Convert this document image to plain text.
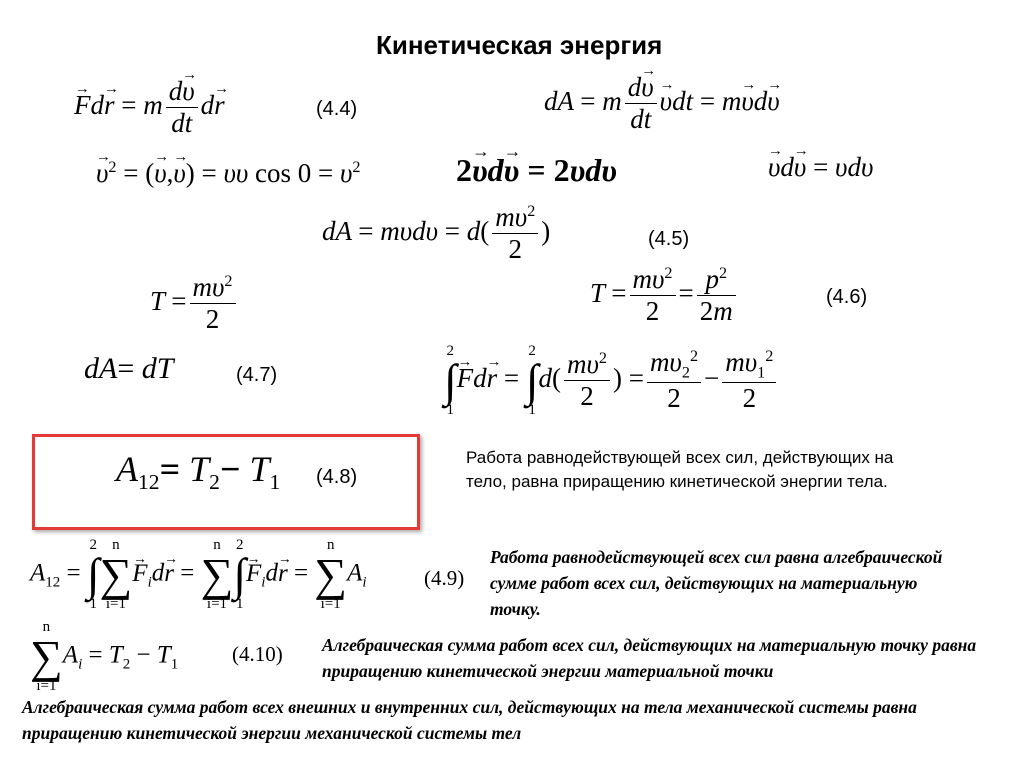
Кинетическая энергия
→ Fd→ r = m $\frac{d\to \upsilon}{dt} d\to r$	(4.4)	dA = m $\frac{d\to \upsilon}{dt}$
→ υdt = m→ υd→ υ
→ $\upsilon^2$ = (→ υ,→ υ) = υυ $\cos 0 = \upsilon^2$	2→ υd→ υ = 2υdυ
→	υd→ υ = υdυ
dA = $m\upsilon d\upsilon = d( \frac{m\upsilon^2}{2}$ )	(4.5)
$T = \frac{m\upsilon^2}{2}$	$T = \frac{m\upsilon^2}{2} = \frac{p^2}{2m}$	(4.6)
dA= dT	(4.7)
2
∫
1
→ Fd→ r =
2
∫
1
$d( \frac{m\upsilon^2}{2}$ ) = $\frac{m\upsilon_2^2}{2} - \frac{m\upsilon_1^2}{2}$
$A_{12}= T_2- T_1$ (4.8)
Работа равнодействующей всех сил, действующих на тело, равна приращению кинетической энергии тела.
$A_{12}$ =
2
∫
1
n
∑
i=1
→ $F_id\to r$ =
n
∑
i=1
2
∫
1
→ $F_id\to r$ =
n
∑
i=1
$A_i$	(4.9)
Работа равнодействующей всех сил равна алгебраической сумме работ всех сил, действующих на материальную точку.
n
∑
i=1
$A_i = T_2 - T_1$	(4.10) Алгебраическая сумма работ всех сил, действующих на материальную точку равна приращению кинетической энергии материальной точки
Алгебраическая сумма работ всех внешних и внутренних сил, действующих на тела механической системы равна приращению кинетической энергии механической системы тел
